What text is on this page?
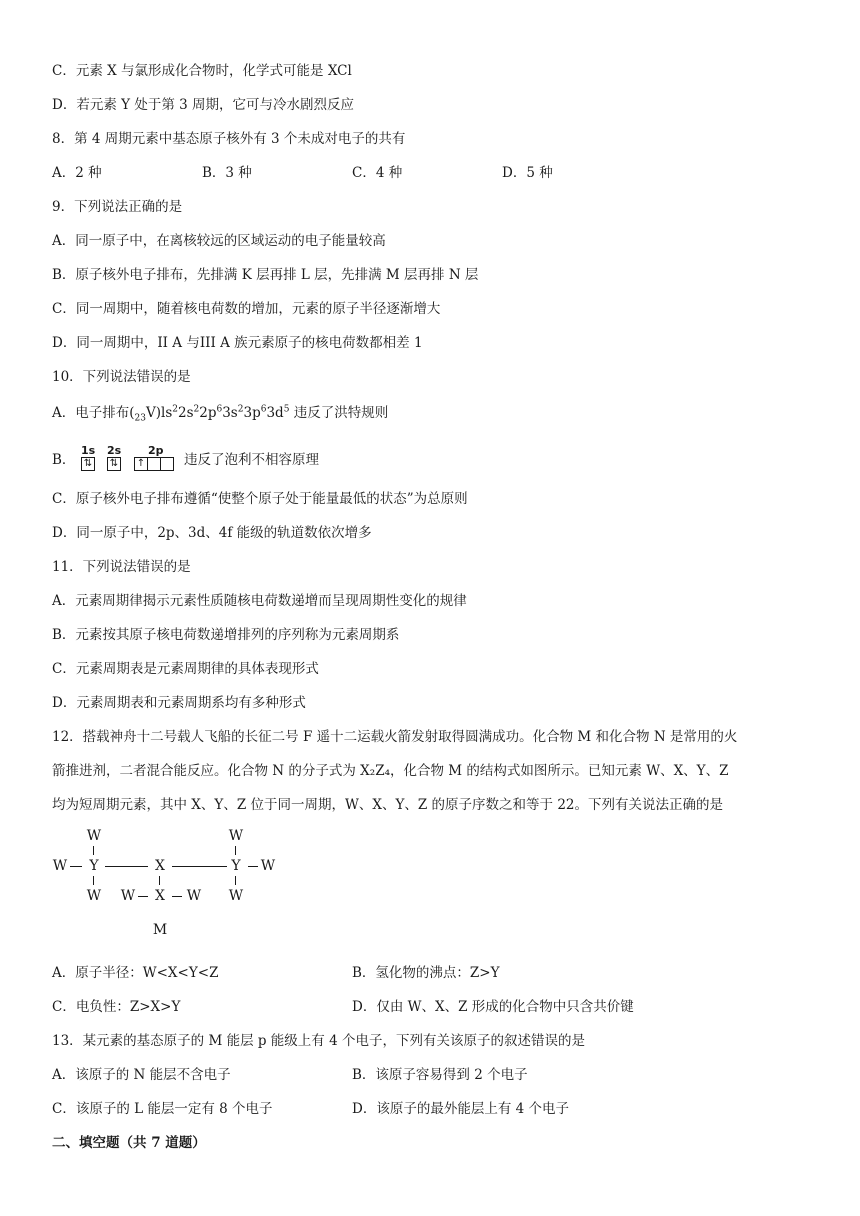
C．元素 X 与氯形成化合物时，化学式可能是 XCl
D．若元素 Y 处于第 3 周期，它可与冷水剧烈反应
8．第 4 周期元素中基态原子核外有 3 个未成对电子的共有
A．2 种	B．3 种	C．4 种	D．5 种
9．下列说法正确的是
A．同一原子中，在离核较远的区域运动的电子能量较高
B．原子核外电子排布，先排满 K 层再排 L 层，先排满 M 层再排 N 层
C．同一周期中，随着核电荷数的增加，元素的原子半径逐渐增大
D．同一周期中，II A 与III A 族元素原子的核电荷数都相差 1
10．下列说法错误的是
A．电子排布$(_{23}V)ls^22s^22p^63s^23p^63d^5$ 违反了洪特规则
B．
1s 2s 2p
⇅ ⇅ ↑	违反了泡利不相容原理
C．原子核外电子排布遵循“使整个原子处于能量最低的状态”为总原则
D．同一原子中，2p、3d、4f 能级的轨道数依次增多
11．下列说法错误的是
A．元素周期律揭示元素性质随核电荷数递增而呈现周期性变化的规律
B．元素按其原子核电荷数递增排列的序列称为元素周期系
C．元素周期表是元素周期律的具体表现形式
D．元素周期表和元素周期系均有多种形式
12．搭载神舟十二号载人飞船的长征二号 F 遥十二运载火箭发射取得圆满成功。化合物 M 和化合物 N 是常用的火
箭推进剂，二者混合能反应。化合物 N 的分子式为 X₂Z₄，化合物 M 的结构式如图所示。已知元素 W、X、Y、Z
均为短周期元素，其中 X、Y、Z 位于同一周期，W、X、Y、Z 的原子序数之和等于 22。下列有关说法正确的是
W
W Y
W
X
W X W
W
Y W
W
M
A．原子半径：W<X<Y<Z	B．氢化物的沸点：Z>Y
C．电负性：Z>X>Y	D．仅由 W、X、Z 形成的化合物中只含共价键
13．某元素的基态原子的 M 能层 p 能级上有 4 个电子，下列有关该原子的叙述错误的是
A．该原子的 N 能层不含电子	B．该原子容易得到 2 个电子
C．该原子的 L 能层一定有 8 个电子	D．该原子的最外能层上有 4 个电子
二、填空题（共 7 道题）
